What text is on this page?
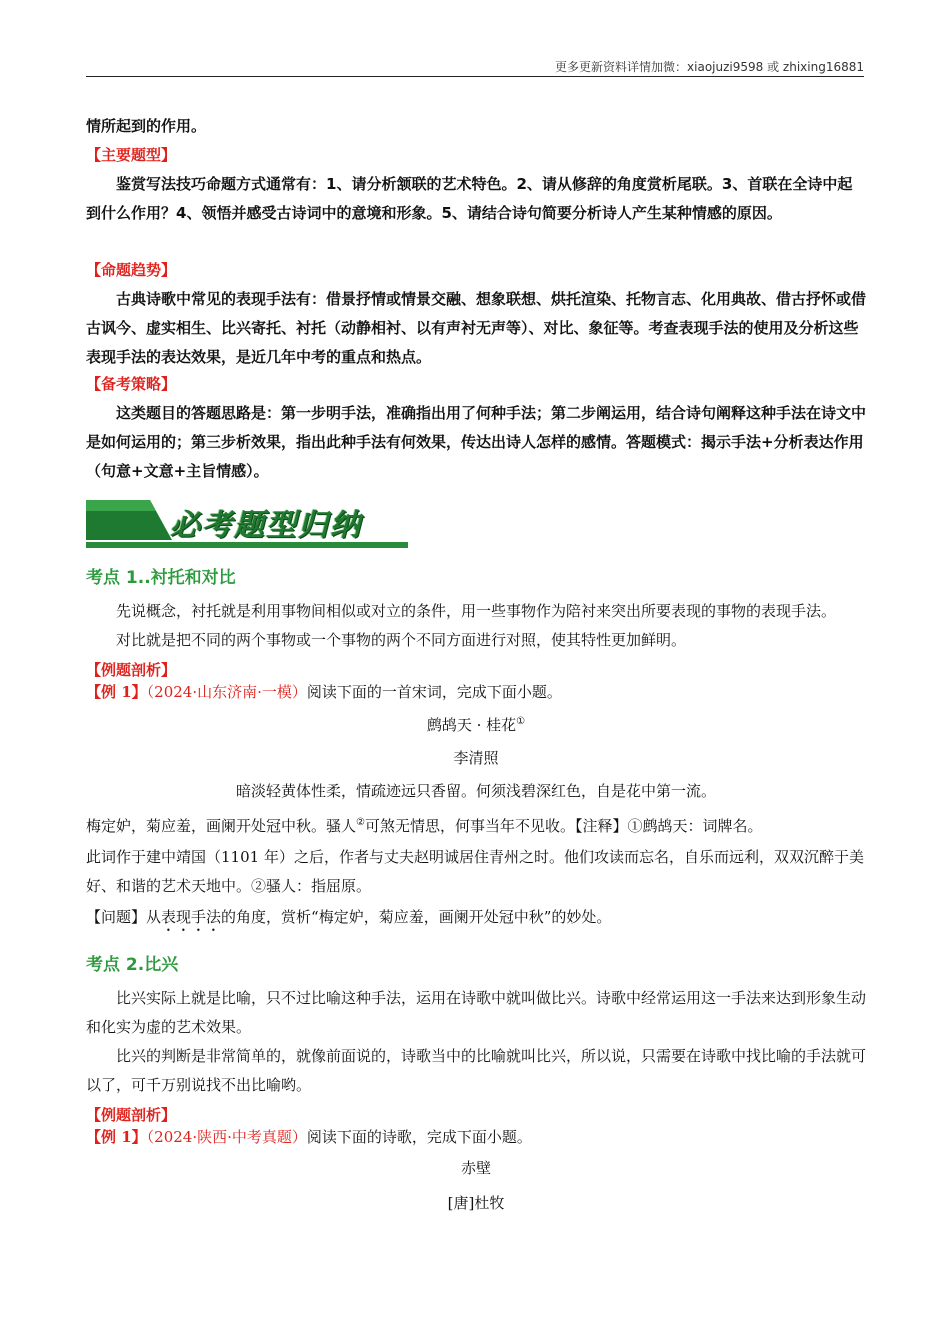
更多更新资料详情加微：xiaojuzi9598 或 zhixing16881

情所起到的作用。

【主要题型】

鉴赏写法技巧命题方式通常有：1、请分析颔联的艺术特色。2、请从修辞的角度赏析尾联。3、首联在全诗中起到什么作用？4、领悟并感受古诗词中的意境和形象。5、请结合诗句简要分析诗人产生某种情感的原因。

【命题趋势】

古典诗歌中常见的表现手法有：借景抒情或情景交融、想象联想、烘托渲染、托物言志、化用典故、借古抒怀或借古讽今、虚实相生、比兴寄托、衬托（动静相衬、以有声衬无声等）、对比、象征等。考查表现手法的使用及分析这些表现手法的表达效果，是近几年中考的重点和热点。

【备考策略】

这类题目的答题思路是：第一步明手法，准确指出用了何种手法；第二步阐运用，结合诗句阐释这种手法在诗文中是如何运用的；第三步析效果，指出此种手法有何效果，传达出诗人怎样的感情。答题模式：揭示手法+分析表达作用（句意+文意+主旨情感）。

必考题型归纳

考点 1..衬托和对比

先说概念，衬托就是利用事物间相似或对立的条件，用一些事物作为陪衬来突出所要表现的事物的表现手法。

对比就是把不同的两个事物或一个事物的两个不同方面进行对照，使其特性更加鲜明。

【例题剖析】

【例 1】（2024·山东济南·一模）阅读下面的一首宋词，完成下面小题。

鹧鸪天 · 桂花①

李清照

暗淡轻黄体性柔，情疏迹远只香留。何须浅碧深红色，自是花中第一流。

梅定妒，菊应羞，画阑开处冠中秋。骚人②可煞无情思，何事当年不见收。【注释】①鹧鸪天：词牌名。

此词作于建中靖国（1101 年）之后，作者与丈夫赵明诚居住青州之时。他们攻读而忘名，自乐而远利，双双沉醉于美好、和谐的艺术天地中。②骚人：指屈原。

【问题】从表现手法的角度，赏析“梅定妒，菊应羞，画阑开处冠中秋”的妙处。

考点 2.比兴

比兴实际上就是比喻，只不过比喻这种手法，运用在诗歌中就叫做比兴。诗歌中经常运用这一手法来达到形象生动和化实为虚的艺术效果。

比兴的判断是非常简单的，就像前面说的，诗歌当中的比喻就叫比兴，所以说，只需要在诗歌中找比喻的手法就可以了，可千万别说找不出比喻哟。

【例题剖析】

【例 1】（2024·陕西·中考真题）阅读下面的诗歌，完成下面小题。

赤壁

[唐]杜牧
